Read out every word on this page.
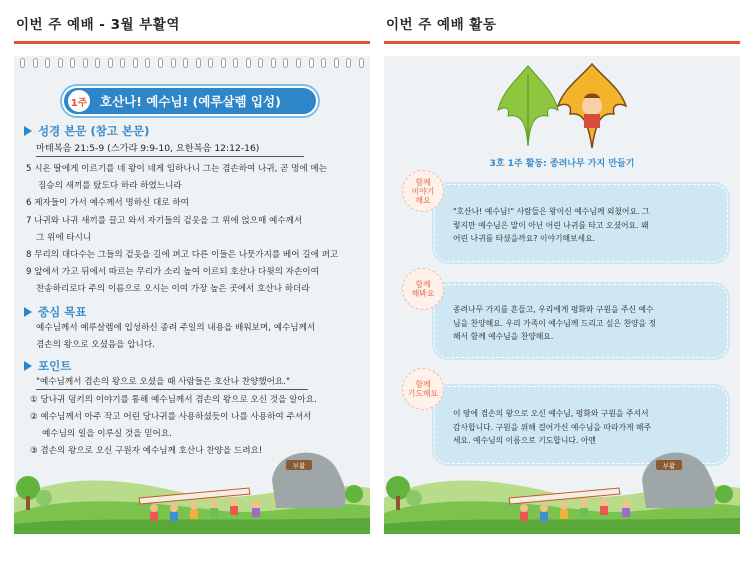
이번 주 예배 - 3월 부활역	이번 주 예배 활동
1주	호산나! 예수님! (예루살렘 입성)
성경 본문 (참고 본문)
마태복음 21:5-9 (스가랴 9:9-10, 요한복음 12:12-16)
5 시온 딸에게 이르기를 네 왕이 네게 임하나니 그는 겸손하여 나귀, 곧 멍에 메는
짐승의 새끼를 탔도다 하라 하였느니라
6 제자들이 가서 예수께서 명하신 대로 하여
7 나귀와 나귀 새끼를 끌고 와서 자기들의 겉옷을 그 위에 얹으매 예수께서
그 위에 타시니
8 무리의 대다수는 그들의 겉옷을 길에 펴고 다른 이들은 나뭇가지를 베어 길에 펴고
9 앞에서 가고 뒤에서 따르는 무리가 소리 높여 이르되 호산나 다윗의 자손이여
찬송하리로다 주의 이름으로 오시는 이여 가장 높은 곳에서 호산나 하더라
중심 목표
예수님께서 예루살렘에 입성하신 종려 주일의 내용을 배워보며, 예수님께서
겸손의 왕으로 오셨음을 압니다.
포인트
"예수님께서 겸손의 왕으로 오셨을 때 사람들은 호산나 찬양했어요."
① 당나귀 덩키의 이야기를 통해 예수님께서 겸손의 왕으로 오신 것을 알아요.
② 예수님께서 아주 작고 어린 당나귀를 사용하셨듯이 나를 사용하여 주셔서
예수님의 일을 이루실 것을 믿어요.
③ 겸손의 왕으로 오신 구원자 예수님께 호산나 찬양을 드려요!
부활
3호 1주 활동: 종려나무 가지 만들기
"호산나! 예수님!" 사람들은 왕이신 예수님께 외쳤어요. 그
렇지만 예수님은 말이 아닌 어린 나귀를 타고 오셨어요. 왜
어린 나귀를 타셨을까요? 이야기해보세요.
함께
이야기
해요
종려나무 가지를 흔들고, 우리에게 평화와 구원을 주신 예수
님을 찬양해요. 우리 가족이 예수님께 드리고 싶은 찬양을 정
해서 함께 예수님을 찬양해요.
함께
해봐요
이 땅에 겸손의 왕으로 오신 예수님, 평화와 구원을 주셔서
감사합니다. 구원을 위해 걸어가신 예수님을 따라가게 해주
세요. 예수님의 이름으로 기도합니다. 아멘
함께
기도해요
부활
